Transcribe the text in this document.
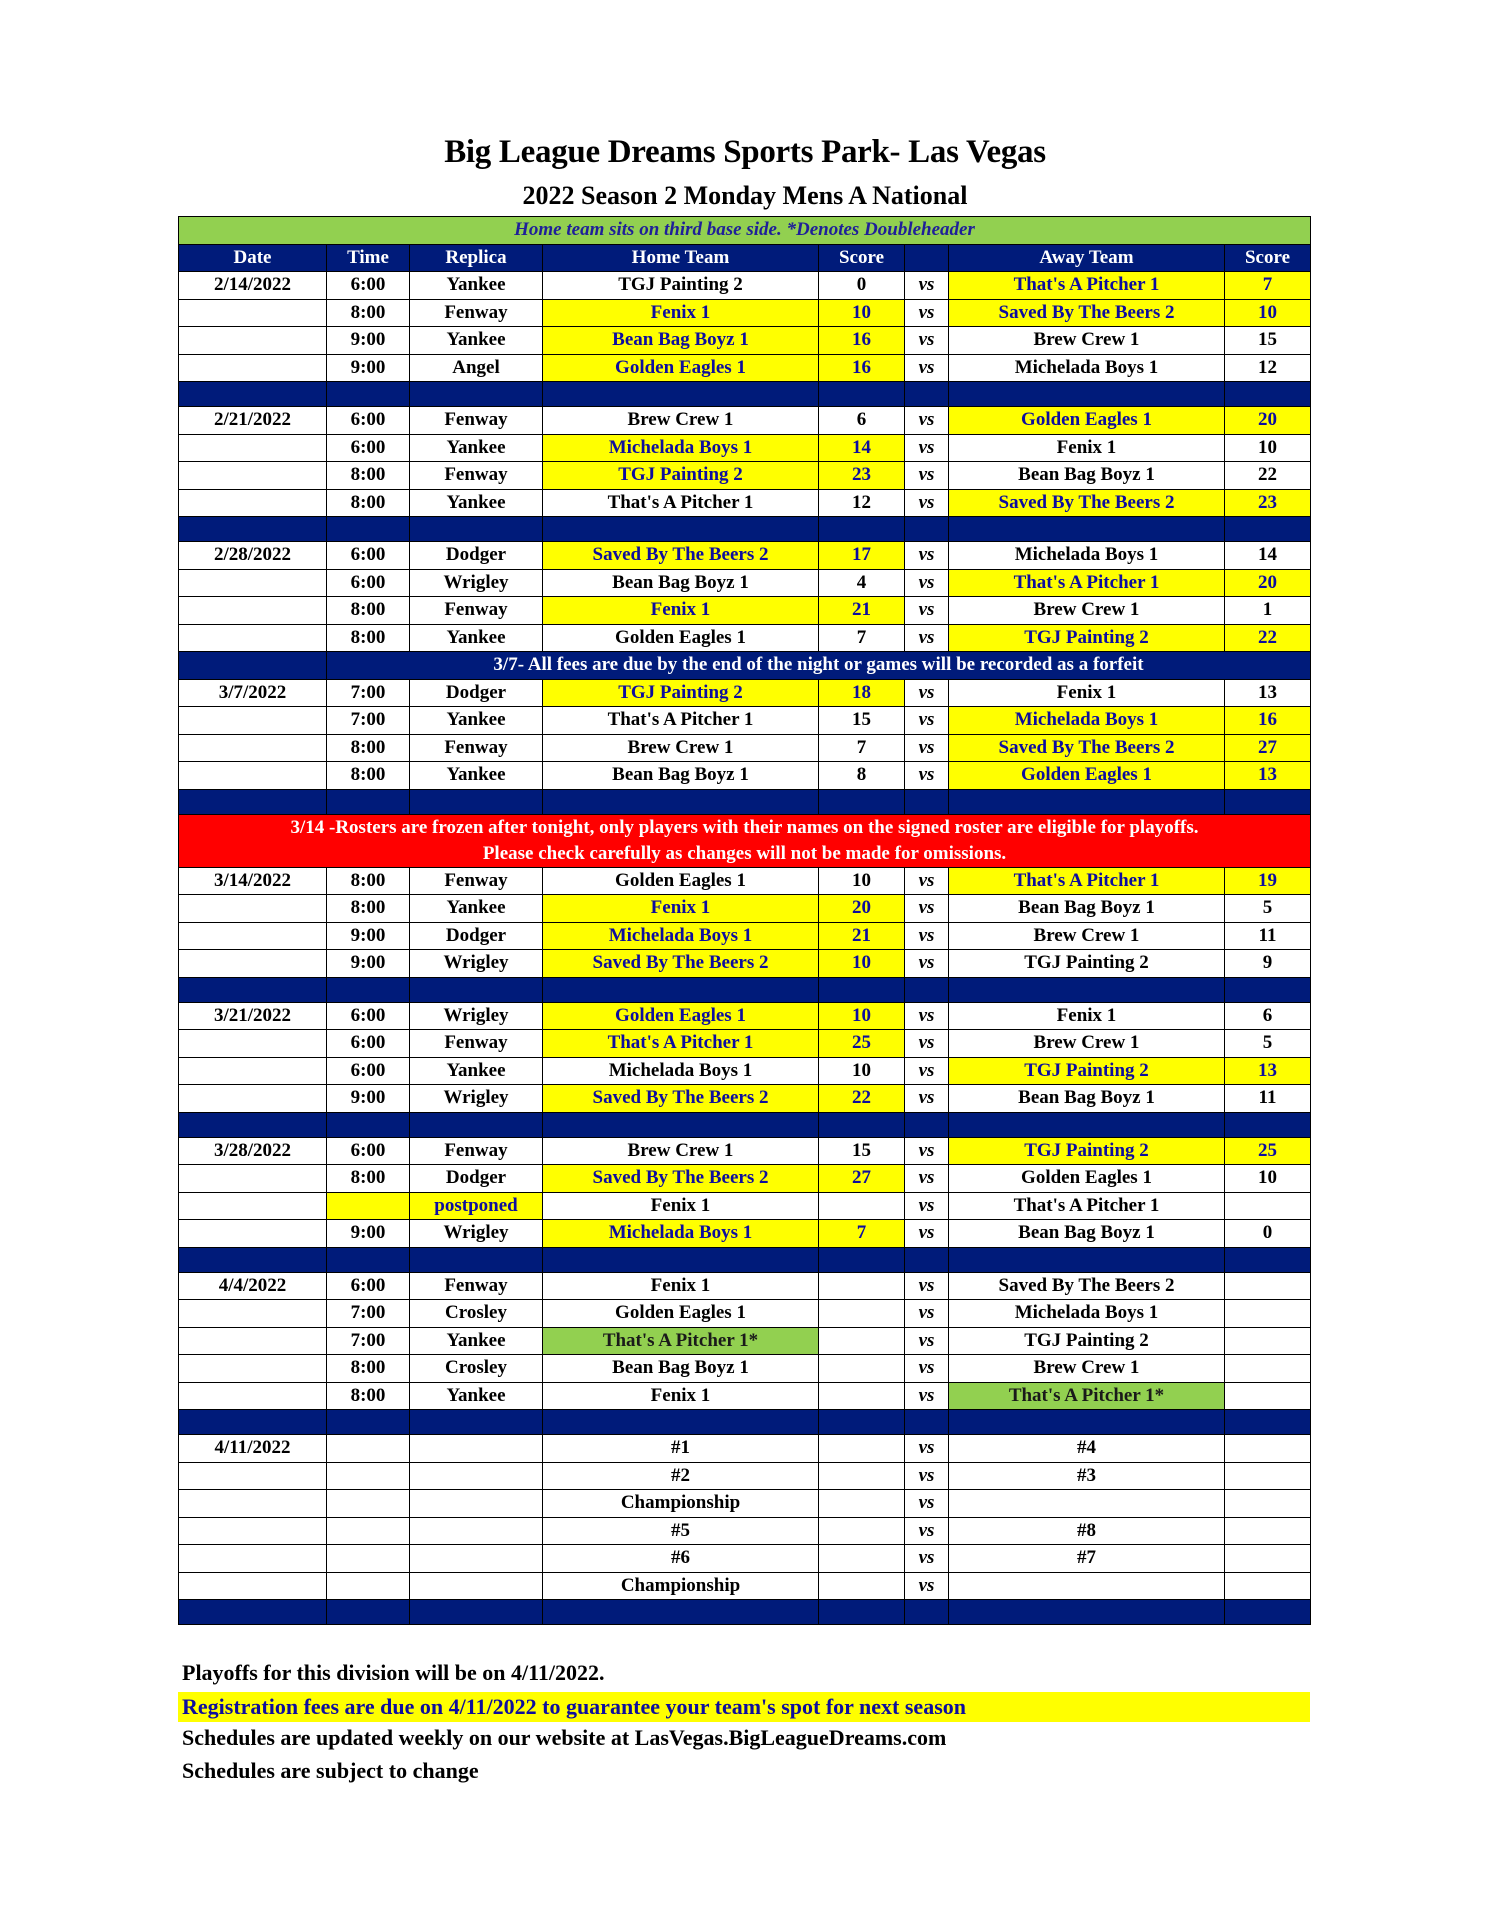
Big League Dreams Sports Park- Las Vegas
2022 Season 2 Monday Mens A National
Home team sits on third base side. *Denotes Doubleheader							
Date	Time	Replica	Home Team	Score		Away Team	Score
2/14/2022	6:00	Yankee	TGJ Painting 2	0	vs	That's A Pitcher 1	7
	8:00	Fenway	Fenix 1	10	vs	Saved By The Beers 2	10
	9:00	Yankee	Bean Bag Boyz 1	16	vs	Brew Crew 1	15
	9:00	Angel	Golden Eagles 1	16	vs	Michelada Boys 1	12

2/21/2022	6:00	Fenway	Brew Crew 1	6	vs	Golden Eagles 1	20
	6:00	Yankee	Michelada Boys 1	14	vs	Fenix 1	10
	8:00	Fenway	TGJ Painting 2	23	vs	Bean Bag Boyz 1	22
	8:00	Yankee	That's A Pitcher 1	12	vs	Saved By The Beers 2	23

2/28/2022	6:00	Dodger	Saved By The Beers 2	17	vs	Michelada Boys 1	14
	6:00	Wrigley	Bean Bag Boyz 1	4	vs	That's A Pitcher 1	20
	8:00	Fenway	Fenix 1	21	vs	Brew Crew 1	1
	8:00	Yankee	Golden Eagles 1	7	vs	TGJ Painting 2	22
	3/7- All fees are due by the end of the night or games will be recorded as a forfeit						
3/7/2022	7:00	Dodger	TGJ Painting 2	18	vs	Fenix 1	13
	7:00	Yankee	That's A Pitcher 1	15	vs	Michelada Boys 1	16
	8:00	Fenway	Brew Crew 1	7	vs	Saved By The Beers 2	27
	8:00	Yankee	Bean Bag Boyz 1	8	vs	Golden Eagles 1	13

3/14 -Rosters are frozen after tonight, only players with their names on the signed roster are eligible for playoffs.
Please check carefully as changes will not be made for omissions.							

3/14/2022	8:00	Fenway	Golden Eagles 1	10	vs	That's A Pitcher 1	19
	8:00	Yankee	Fenix 1	20	vs	Bean Bag Boyz 1	5
	9:00	Dodger	Michelada Boys 1	21	vs	Brew Crew 1	11
	9:00	Wrigley	Saved By The Beers 2	10	vs	TGJ Painting 2	9

3/21/2022	6:00	Wrigley	Golden Eagles 1	10	vs	Fenix 1	6
	6:00	Fenway	That's A Pitcher 1	25	vs	Brew Crew 1	5
	6:00	Yankee	Michelada Boys 1	10	vs	TGJ Painting 2	13
	9:00	Wrigley	Saved By The Beers 2	22	vs	Bean Bag Boyz 1	11

3/28/2022	6:00	Fenway	Brew Crew 1	15	vs	TGJ Painting 2	25
	8:00	Dodger	Saved By The Beers 2	27	vs	Golden Eagles 1	10
		postponed	Fenix 1		vs	That's A Pitcher 1	
	9:00	Wrigley	Michelada Boys 1	7	vs	Bean Bag Boyz 1	0

4/4/2022	6:00	Fenway	Fenix 1		vs	Saved By The Beers 2	
	7:00	Crosley	Golden Eagles 1		vs	Michelada Boys 1	
	7:00	Yankee	That's A Pitcher 1*		vs	TGJ Painting 2	
	8:00	Crosley	Bean Bag Boyz 1		vs	Brew Crew 1	
	8:00	Yankee	Fenix 1		vs	That's A Pitcher 1*	

4/11/2022			#1		vs	#4	
			#2		vs	#3	
			Championship		vs		
			#5		vs	#8	
			#6		vs	#7	
			Championship		vs		

Playoffs for this division will be on 4/11/2022.
Registration fees are due on 4/11/2022 to guarantee your team's spot for next season
Schedules are updated weekly on our website at LasVegas.BigLeagueDreams.com
Schedules are subject to change
